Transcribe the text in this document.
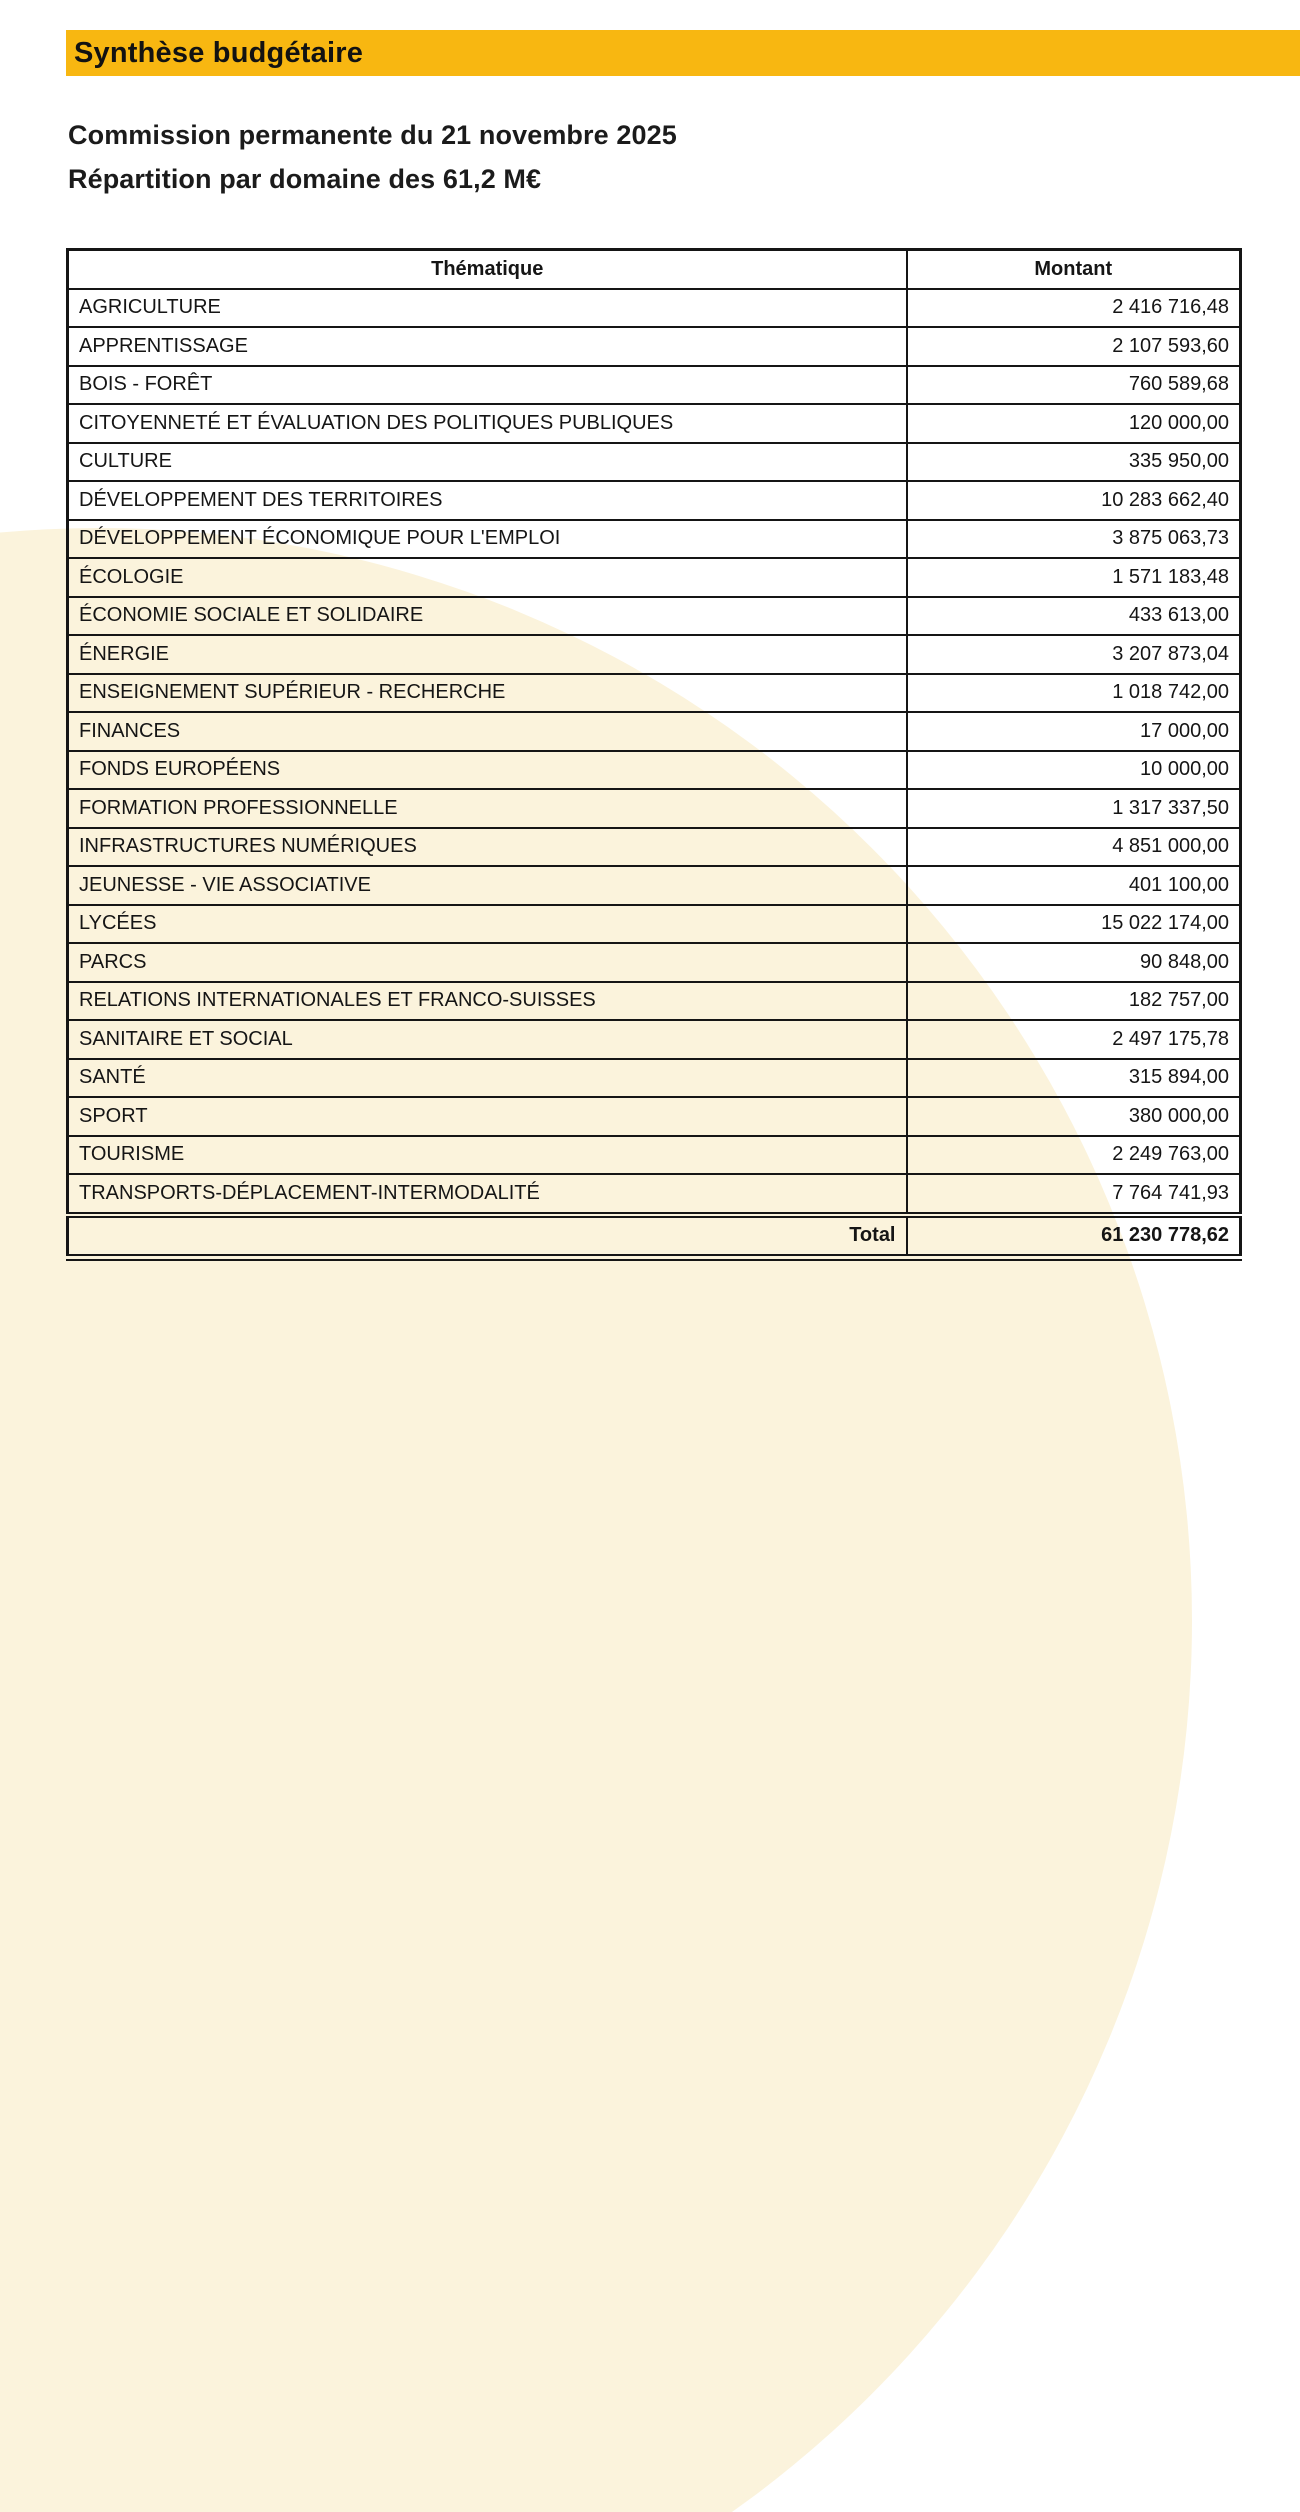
Synthèse budgétaire

Commission permanente du 21 novembre 2025

Répartition par domaine des 61,2 M€

Thématique	Montant
AGRICULTURE	2 416 716,48
APPRENTISSAGE	2 107 593,60
BOIS - FORÊT	760 589,68
CITOYENNETÉ ET ÉVALUATION DES POLITIQUES PUBLIQUES	120 000,00
CULTURE	335 950,00
DÉVELOPPEMENT DES TERRITOIRES	10 283 662,40
DÉVELOPPEMENT ÉCONOMIQUE POUR L'EMPLOI	3 875 063,73
ÉCOLOGIE	1 571 183,48
ÉCONOMIE SOCIALE ET SOLIDAIRE	433 613,00
ÉNERGIE	3 207 873,04
ENSEIGNEMENT SUPÉRIEUR - RECHERCHE	1 018 742,00
FINANCES	17 000,00
FONDS EUROPÉENS	10 000,00
FORMATION PROFESSIONNELLE	1 317 337,50
INFRASTRUCTURES NUMÉRIQUES	4 851 000,00
JEUNESSE - VIE ASSOCIATIVE	401 100,00
LYCÉES	15 022 174,00
PARCS	90 848,00
RELATIONS INTERNATIONALES ET FRANCO-SUISSES	182 757,00
SANITAIRE ET SOCIAL	2 497 175,78
SANTÉ	315 894,00
SPORT	380 000,00
TOURISME	2 249 763,00
TRANSPORTS-DÉPLACEMENT-INTERMODALITÉ	7 764 741,93
Total	61 230 778,62
